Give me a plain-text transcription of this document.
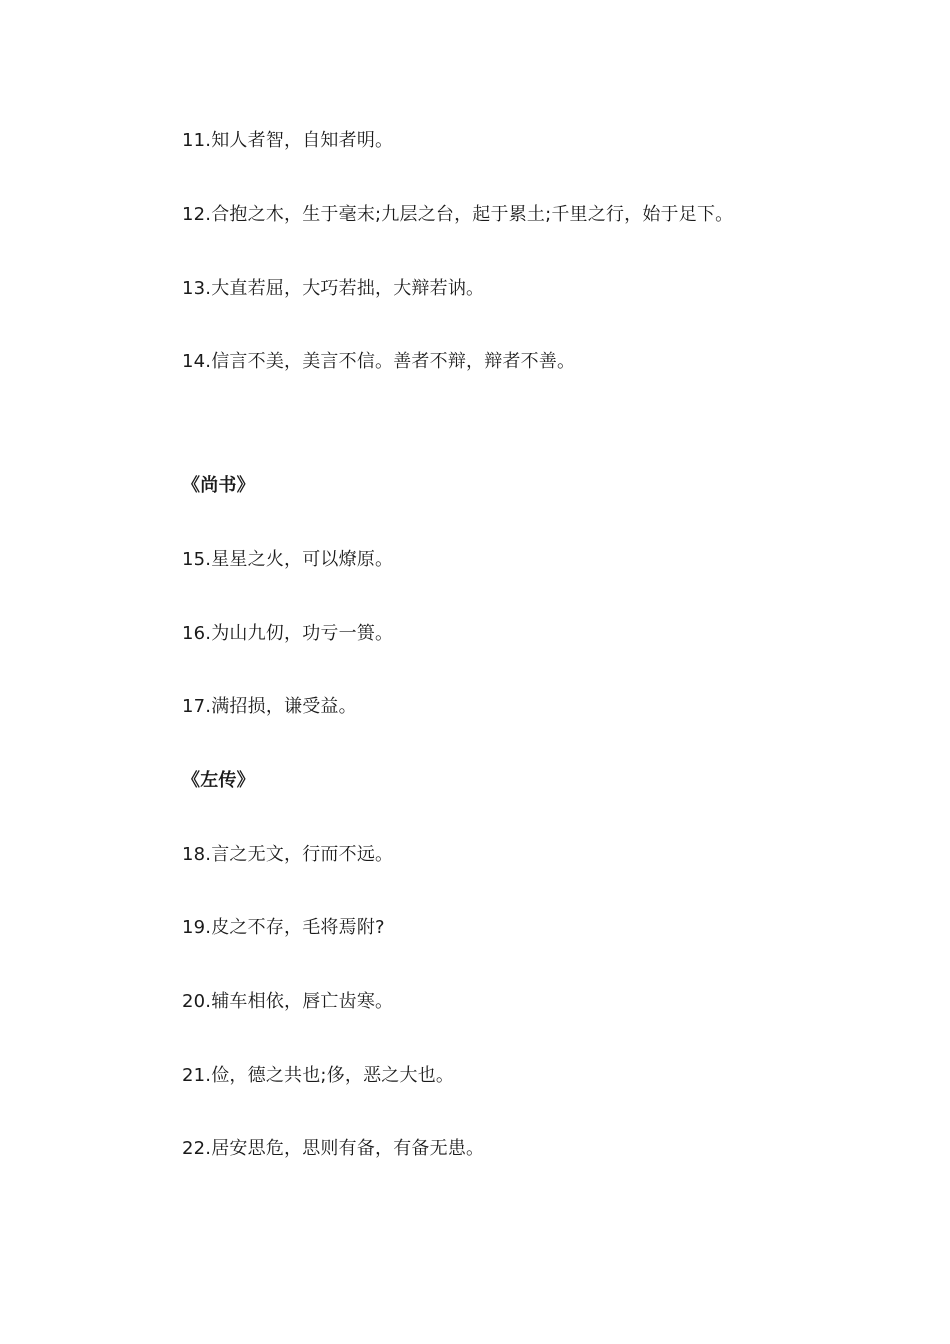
11.知人者智，自知者明。
12.合抱之木，生于毫末;九层之台，起于累土;千里之行，始于足下。
13.大直若屈，大巧若拙，大辩若讷。
14.信言不美，美言不信。善者不辩，辩者不善。
《尚书》
15.星星之火，可以燎原。
16.为山九仞，功亏一篑。
17.满招损，谦受益。
《左传》
18.言之无文，行而不远。
19.皮之不存，毛将焉附?
20.辅车相依，唇亡齿寒。
21.俭，德之共也;侈，恶之大也。
22.居安思危，思则有备，有备无患。
